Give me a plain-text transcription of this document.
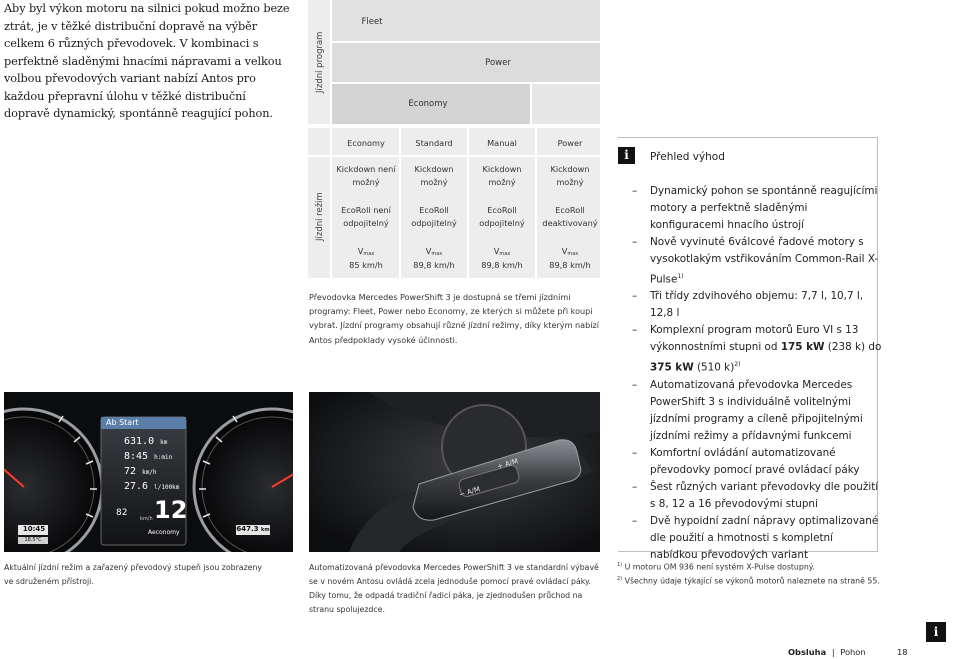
Aby byl výkon motoru na silnici pokud možno beze ztrát, je v těžké distribuční dopravě na výběr celkem 6 různých převodovek. V kombinaci s perfektně sladěnými hnacími nápravami a velkou volbou převodových variant nabízí Antos pro každou přepravní úlohu v těžké distribuční dopravě dynamický, spontánně reagující pohon.

Jízdní program
Fleet
Power
Economy
Jízdní režim
Economy
Kickdown není
možný
EcoRoll není
odpojitelný
$V_{max}$
85 km/h
Standard
Kickdown
možný
EcoRoll
odpojitelný
$V_{max}$
89,8 km/h
Manual
Kickdown
možný
EcoRoll
odpojitelný
$V_{max}$
89,8 km/h
Power
Kickdown
možný
EcoRoll
deaktivovaný
$V_{max}$
89,8 km/h

Převodovka Mercedes PowerShift 3 je dostupná se třemi jízdními programy: Fleet, Power nebo Economy, ze kterých si můžete při koupi vybrat. Jízdní programy obsahují různé jízdní režimy, díky kterým nabízí Antos předpoklady vysoké účinnosti.

Ab Start
631.0 km
8:45 h:min
72 km/h
27.6 l/100km
82
km/h 12
Aeconomy
10:45
18.5°C
647.3 km
+ A/M
− A/M

Aktuální jízdní režim a zařazený převodový stupeň jsou zobrazeny ve sdruženém přístroji.

Automatizovaná převodovka Mercedes PowerShift 3 ve standardní výbavě se v novém Antosu ovládá zcela jednoduše pomocí pravé ovládací páky. Díky tomu, že odpadá tradiční řadicí páka, je zjednodušen průchod na stranu spolujezdce.

i	Přehled výhod
– Dynamický pohon se spontánně reagujícími motory a perfektně sladěnými konfiguracemi hnacího ústrojí
– Nově vyvinuté 6válcové řadové motory s vysokotlakým vstřikováním Common-Rail X-Pulse$^{1)}$
– Tři třídy zdvihového objemu: 7,7 l, 10,7 l, 12,8 l
– Komplexní program motorů Euro VI s 13 výkonnostními stupni od 175 kW (238 k) do 375 kW (510 k)$^{2)}$
– Automatizovaná převodovka Mercedes PowerShift 3 s individuálně volitelnými jízdními programy a cíleně připojitelnými jízdními režimy a přídavnými funkcemi
– Komfortní ovládání automatizované převodovky pomocí pravé ovládací páky
– Šest různých variant převodovky dle použití s 8, 12 a 16 převodovými stupni
– Dvě hypoidní zadní nápravy optimalizované dle použití a hmotnosti s kompletní nabídkou převodových variant
$^{1)}$ U motoru OM 936 není systém X-Pulse dostupný.
$^{2)}$ Všechny údaje týkající se výkonů motorů naleznete na straně 55.
Obsluha | Pohon	18
i
